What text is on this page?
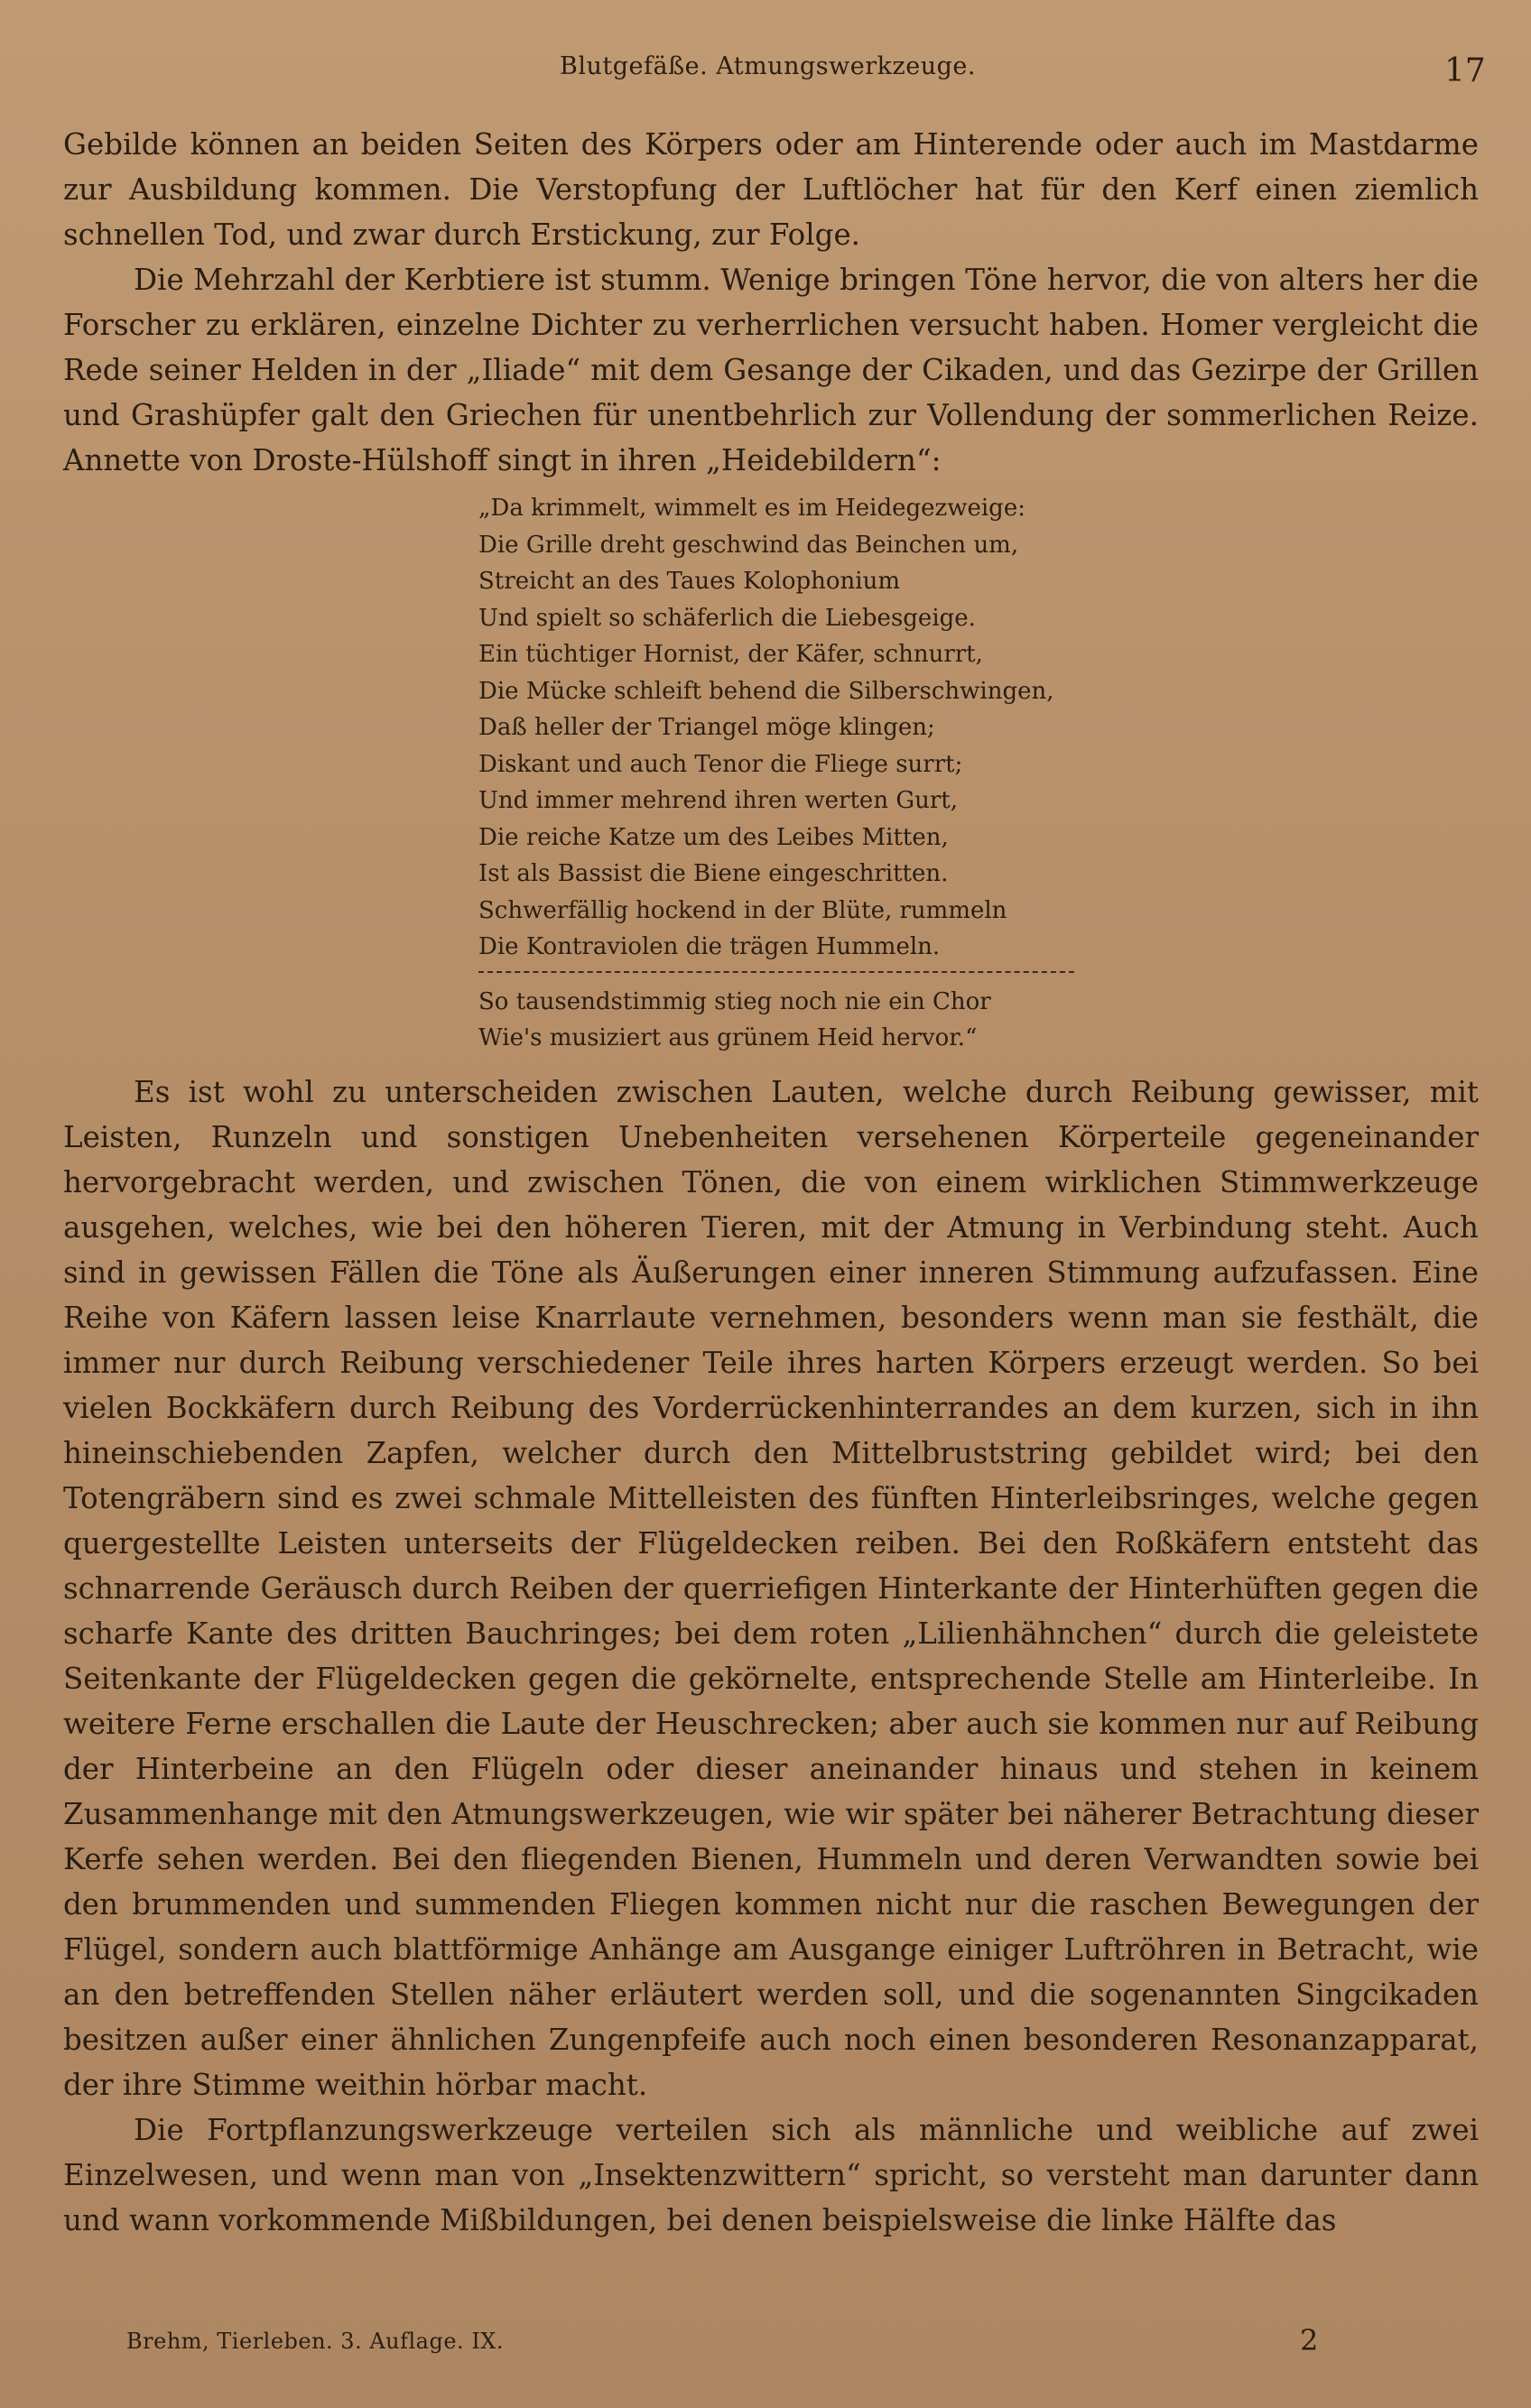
Blutgefäße. Atmungswerkzeuge.	17

Gebilde können an beiden Seiten des Körpers oder am Hinterende oder auch im Mastdarme zur Ausbildung kommen. Die Verstopfung der Luftlöcher hat für den Kerf einen ziemlich schnellen Tod, und zwar durch Erstickung, zur Folge.

Die Mehrzahl der Kerbtiere ist stumm. Wenige bringen Töne hervor, die von alters her die Forscher zu erklären, einzelne Dichter zu verherrlichen versucht haben. Homer vergleicht die Rede seiner Helden in der „Iliade“ mit dem Gesange der Cikaden, und das Gezirpe der Grillen und Grashüpfer galt den Griechen für unentbehrlich zur Vollendung der sommerlichen Reize. Annette von Droste-Hülshoff singt in ihren „Heidebildern“:

„Da krimmelt, wimmelt es im Heidegezweige:
Die Grille dreht geschwind das Beinchen um,
Streicht an des Taues Kolophonium
Und spielt so schäferlich die Liebesgeige.
Ein tüchtiger Hornist, der Käfer, schnurrt,
Die Mücke schleift behend die Silberschwingen,
Daß heller der Triangel möge klingen;
Diskant und auch Tenor die Fliege surrt;
Und immer mehrend ihren werten Gurt,
Die reiche Katze um des Leibes Mitten,
Ist als Bassist die Biene eingeschritten.
Schwerfällig hockend in der Blüte, rummeln
Die Kontraviolen die trägen Hummeln.
So tausendstimmig stieg noch nie ein Chor
Wie's musiziert aus grünem Heid hervor.“

Es ist wohl zu unterscheiden zwischen Lauten, welche durch Reibung gewisser, mit Leisten, Runzeln und sonstigen Unebenheiten versehenen Körperteile gegeneinander hervorgebracht werden, und zwischen Tönen, die von einem wirklichen Stimmwerkzeuge ausgehen, welches, wie bei den höheren Tieren, mit der Atmung in Verbindung steht. Auch sind in gewissen Fällen die Töne als Äußerungen einer inneren Stimmung aufzufassen. Eine Reihe von Käfern lassen leise Knarrlaute vernehmen, besonders wenn man sie festhält, die immer nur durch Reibung verschiedener Teile ihres harten Körpers erzeugt werden. So bei vielen Bockkäfern durch Reibung des Vorderrückenhinterrandes an dem kurzen, sich in ihn hineinschiebenden Zapfen, welcher durch den Mittelbruststring gebildet wird; bei den Totengräbern sind es zwei schmale Mittelleisten des fünften Hinterleibsringes, welche gegen quergestellte Leisten unterseits der Flügeldecken reiben. Bei den Roßkäfern entsteht das schnarrende Geräusch durch Reiben der querriefigen Hinterkante der Hinterhüften gegen die scharfe Kante des dritten Bauchringes; bei dem roten „Lilienhähnchen“ durch die geleistete Seitenkante der Flügeldecken gegen die gekörnelte, entsprechende Stelle am Hinterleibe. In weitere Ferne erschallen die Laute der Heuschrecken; aber auch sie kommen nur auf Reibung der Hinterbeine an den Flügeln oder dieser aneinander hinaus und stehen in keinem Zusammenhange mit den Atmungswerkzeugen, wie wir später bei näherer Betrachtung dieser Kerfe sehen werden. Bei den fliegenden Bienen, Hummeln und deren Verwandten sowie bei den brummenden und summenden Fliegen kommen nicht nur die raschen Bewegungen der Flügel, sondern auch blattförmige Anhänge am Ausgange einiger Luftröhren in Betracht, wie an den betreffenden Stellen näher erläutert werden soll, und die sogenannten Singcikaden besitzen außer einer ähnlichen Zungenpfeife auch noch einen besonderen Resonanzapparat, der ihre Stimme weithin hörbar macht.

Die Fortpflanzungswerkzeuge verteilen sich als männliche und weibliche auf zwei Einzelwesen, und wenn man von „Insektenzwittern“ spricht, so versteht man darunter dann und wann vorkommende Mißbildungen, bei denen beispielsweise die linke Hälfte das

Brehm, Tierleben. 3. Auflage. IX.	2
